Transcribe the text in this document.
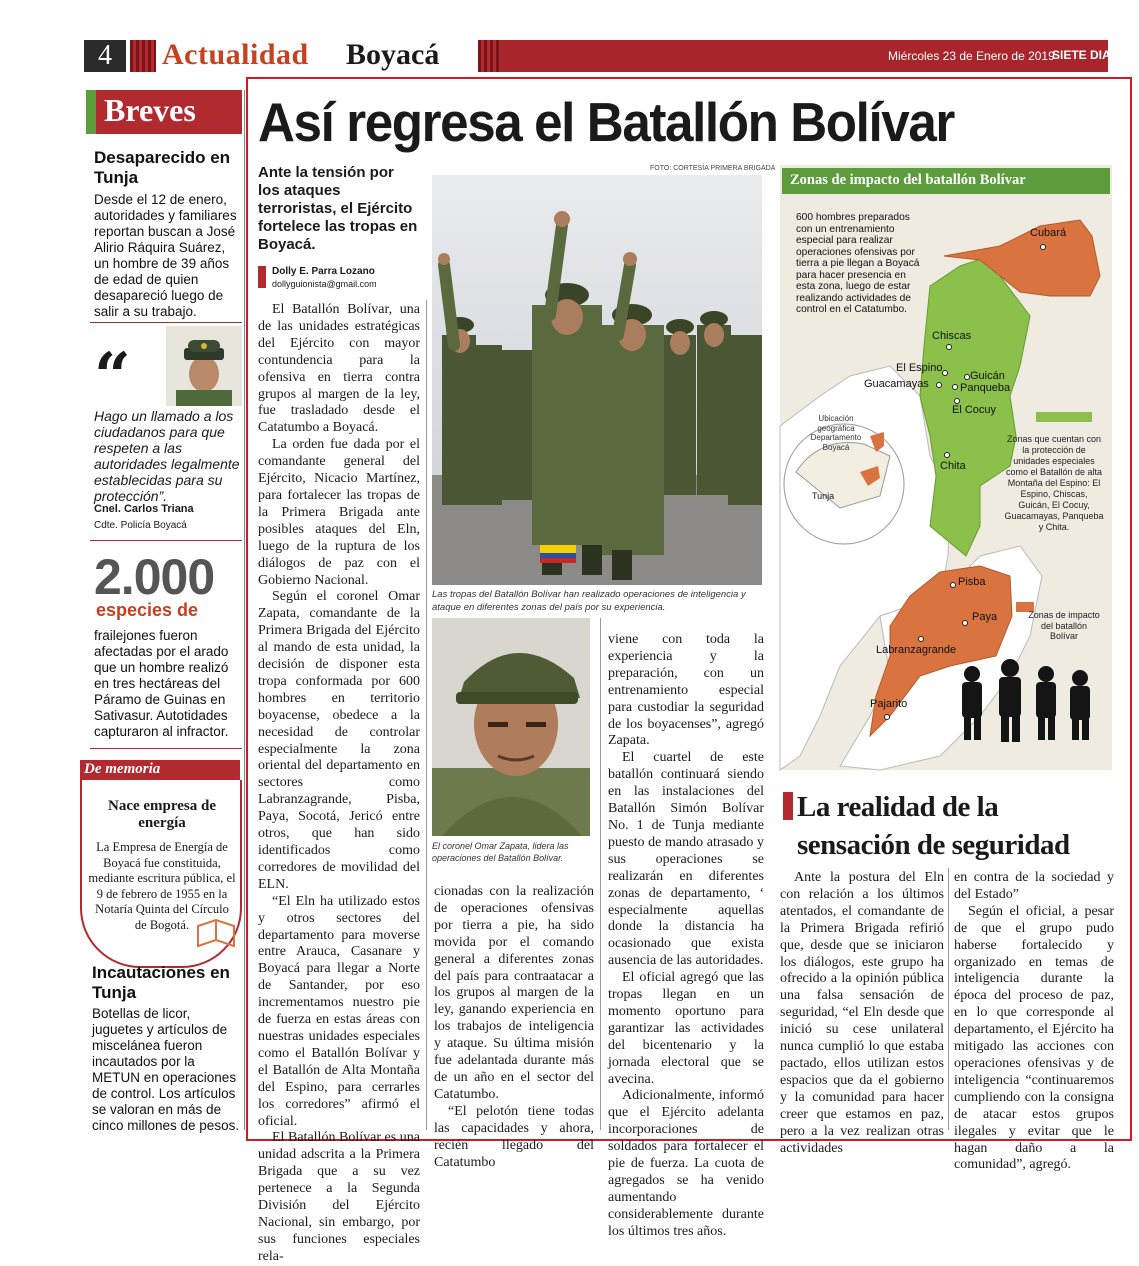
4	Actualidad Boyacá	Miércoles 23 de Enero de 2019
SIETE DIAS
Breves
Desaparecido en Tunja
Desde el 12 de enero, autoridades y familiares reportan buscan a José Alirio Ráquira Suárez, un hombre de 39 años de edad de quien desapareció luego de salir a su trabajo.
“
Hago un llamado a los ciudadanos para que respeten a las autoridades legalmente establecidas para su protección”.
Cnel. Carlos Triana
Cdte. Policía Boyacá
2.000
especies de
frailejones fueron afectadas por el arado que un hombre realizó en tres hectáreas del Páramo de Guinas en Sativasur. Autotidades capturaron al infractor.
De memoria
Nace empresa de energía
La Empresa de Energía de Boyacá fue constituida, mediante escritura pública, el 9 de febrero de 1955 en la Notaría Quinta del Círculo de Bogotá.
Incautaciones en Tunja
Botellas de licor, juguetes y artículos de miscelánea fueron incautados por la METUN en operaciones de control. Los artículos se valoran en más de cinco millones de pesos.
Así regresa el Batallón Bolívar
Ante la tensión por los ataques terroristas, el Ejército fortelece las tropas en Boyacá.
Dolly E. Parra Lozano
dollyguionista@gmail.com

El Batallón Bolívar, una de las unidades estratégicas del Ejército con mayor contundencia para la ofensiva en tierra contra grupos al margen de la ley, fue trasladado desde el Catatumbo a Boyacá.

La orden fue dada por el comandante general del Ejército, Nicacio Martínez, para fortalecer las tropas de la Primera Brigada ante posibles ataques del Eln, luego de la ruptura de los diálogos de paz con el Gobierno Nacional.

Según el coronel Omar Zapata, comandante de la Primera Brigada del Ejército al mando de esta unidad, la decisión de disponer esta tropa conformada por 600 hombres en territorio boyacense, obedece a la necesidad de controlar especialmente la zona oriental del departamento en sectores como Labranzagrande, Pisba, Paya, Socotá, Jericó entre otros, que han sido identificados como corredores de movilidad del ELN.

“El Eln ha utilizado estos y otros sectores del departamento para moverse entre Arauca, Casanare y Boyacá para llegar a Norte de Santander, por eso incrementamos nuestro pie de fuerza en estas áreas con nuestras unidades especiales como el Batallón Bolívar y el Batallón de Alta Montaña del Espino, para cerrarles los corredores” afirmó el oficial.

El Batallón Bolívar es una unidad adscrita a la Primera Brigada que a su vez pertenece a la Segunda División del Ejército Nacional, sin embargo, por sus funciones especiales rela-

cionadas con la realización de operaciones ofensivas por tierra a pie, ha sido movida por el comando general a diferentes zonas del país para contraatacar a los grupos al margen de la ley, ganando experiencia en los trabajos de inteligencia y ataque. Su última misión fue adelantada durante más de un año en el sector del Catatumbo.

“El pelotón tiene todas las capacidades y ahora, recién llegado del Catatumbo

viene con toda la experiencia y la preparación, con un entrenamiento especial para custodiar la seguridad de los boyacenses”, agregó Zapata.

El cuartel de este batallón continuará siendo en las instalaciones del Batallón Simón Bolívar No. 1 de Tunja mediante puesto de mando atrasado y sus operaciones se realizarán en diferentes zonas de departamento, ‘ especialmente aquellas donde la distancia ha ocasionado que exista ausencia de las autoridades.

El oficial agregó que las tropas llegan en un momento oportuno para garantizar las actividades del bicentenario y la jornada electoral que se avecina.

Adicionalmente, informó que el Ejército adelanta incorporaciones de soldados para fortalecer el pie de fuerza. La cuota de agregados se ha venido aumentando considerablemente durante los últimos tres años.

FOTO: CORTESÍA PRIMERA BRIGADA
Las tropas del Batallón Bolívar han realizado operaciones de inteligencia y ataque en diferentes zonas del país por su experiencia.
El coronel Omar Zapata, lidera las operaciones del Batallón Bolívar.
Zonas de impacto del batallón Bolívar
600 hombres preparados con un entrenamiento especial para realizar operaciones ofensivas por tierra a pie llegan a Boyacá para hacer presencia en esta zona, luego de estar realizando actividades de control en el Catatumbo.
Ubicación geográfica Departamento Boyacá
Tunja
Zonas que cuentan con la protección de unidades especiales como el Batallón de alta Montaña del Espino: El Espino, Chiscas, Guicán, El Cocuy, Guacamayas, Panqueba y Chita.
Zonas de impacto del batallón Bolívar
Cubará
Chiscas
El Espino
Guicán
Guacamayas	Panqueba
El Cocuy
Chita
Pisba
Paya
Labranzagrande
Pajarito
La realidad de la sensación de seguridad

Ante la postura del Eln con relación a los últimos atentados, el comandante de la Primera Brigada refirió que, desde que se iniciaron los diálogos, este grupo ha ofrecido a la opinión pública una falsa sensación de seguridad, “el Eln desde que inició su cese unilateral nunca cumplió lo que estaba pactado, ellos utilizan estos espacios que da el gobierno y la comunidad para hacer creer que estamos en paz, pero a la vez realizan otras actividades

en contra de la sociedad y del Estado”

Según el oficial, a pesar de que el grupo pudo haberse fortalecido y organizado en temas de inteligencia durante la época del proceso de paz, en lo que corresponde al departamento, el Ejército ha mitigado las acciones con operaciones ofensivas y de inteligencia “continuaremos cumpliendo con la consigna de atacar estos grupos ilegales y evitar que le hagan daño a la comunidad”, agregó.
